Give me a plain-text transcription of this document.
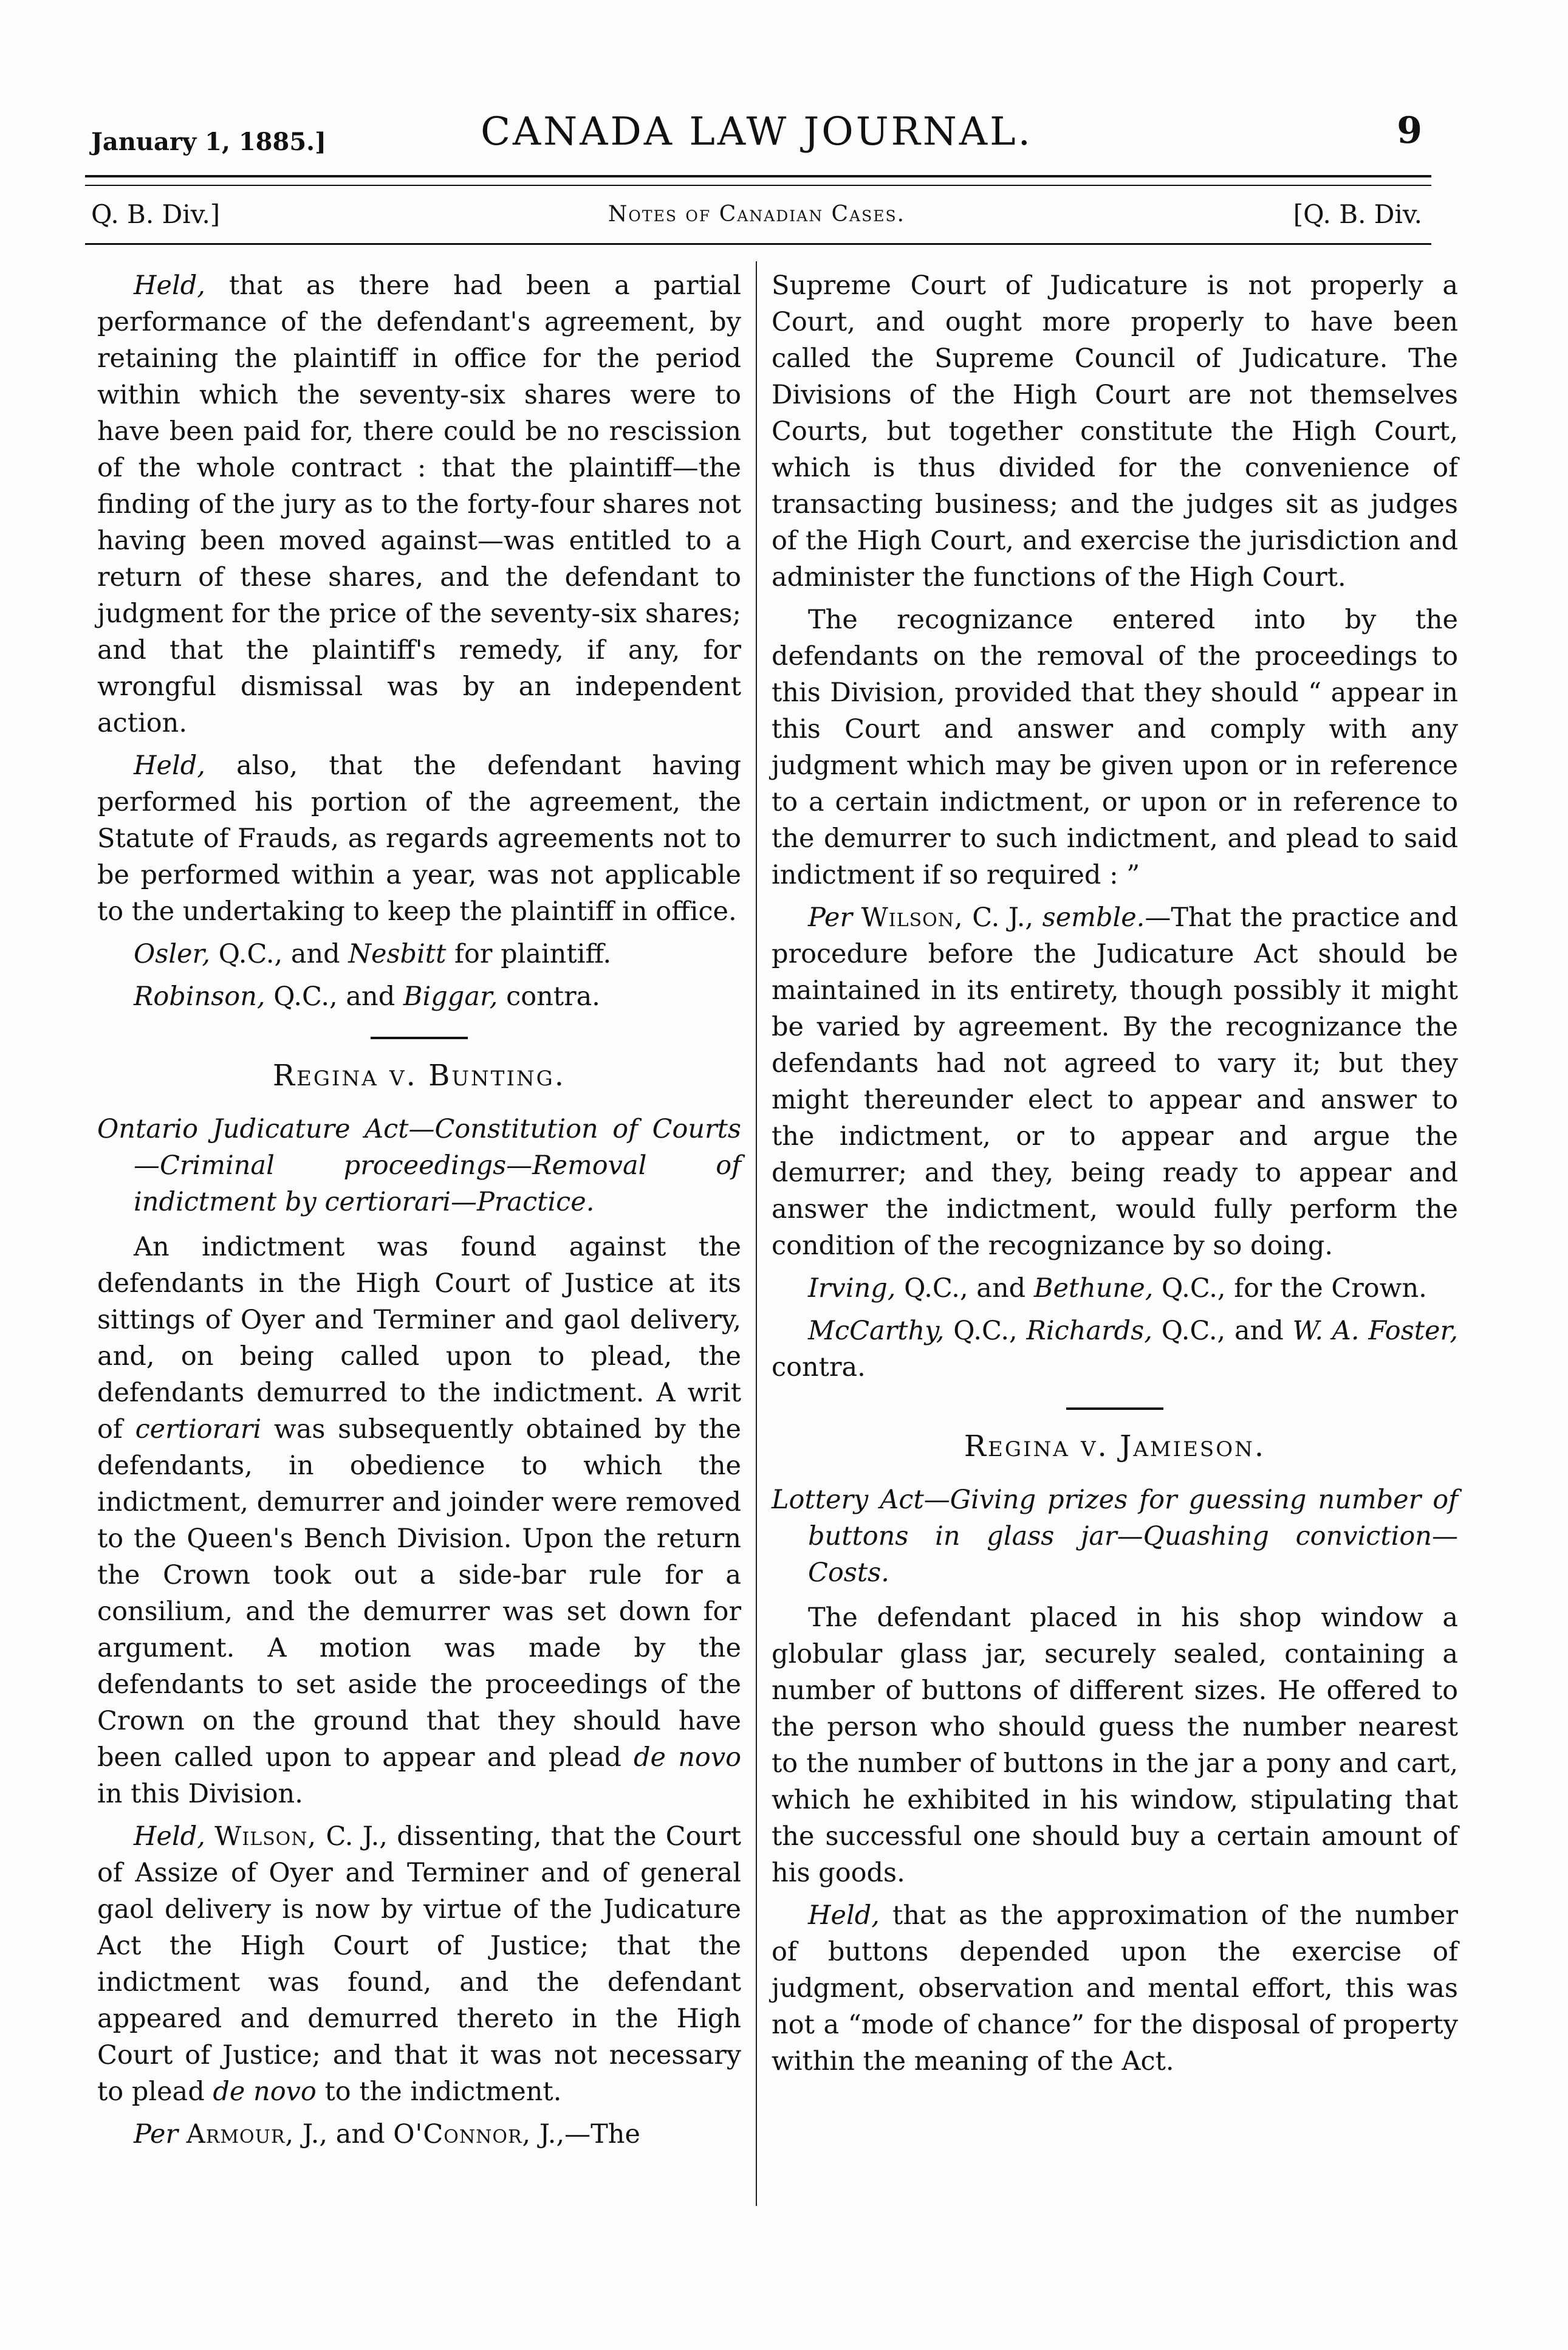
January 1, 1885.]	CANADA LAW JOURNAL.	9
Q. B. Div.]	Notes of Canadian Cases.	[Q. B. Div.

Held, that as there had been a partial performance of the defendant's agreement, by retaining the plaintiff in office for the period within which the seventy-six shares were to have been paid for, there could be no rescission of the whole contract : that the plaintiff—the finding of the jury as to the forty-four shares not having been moved against—was entitled to a return of these shares, and the defendant to judgment for the price of the seventy-six shares; and that the plaintiff's remedy, if any, for wrongful dismissal was by an independent action.

Held, also, that the defendant having performed his portion of the agreement, the Statute of Frauds, as regards agreements not to be performed within a year, was not applicable to the undertaking to keep the plaintiff in office.

Osler, Q.C., and Nesbitt for plaintiff.

Robinson, Q.C., and Biggar, contra.

Regina v. Bunting.
Ontario Judicature Act—Constitution of Courts—Criminal proceedings—Removal of indictment by certiorari—Practice.

An indictment was found against the defendants in the High Court of Justice at its sittings of Oyer and Terminer and gaol delivery, and, on being called upon to plead, the defendants demurred to the indictment. A writ of certiorari was subsequently obtained by the defendants, in obedience to which the indictment, demurrer and joinder were removed to the Queen's Bench Division. Upon the return the Crown took out a side-bar rule for a consilium, and the demurrer was set down for argument. A motion was made by the defendants to set aside the proceedings of the Crown on the ground that they should have been called upon to appear and plead de novo in this Division.

Held, Wilson, C. J., dissenting, that the Court of Assize of Oyer and Terminer and of general gaol delivery is now by virtue of the Judicature Act the High Court of Justice; that the indictment was found, and the defendant appeared and demurred thereto in the High Court of Justice; and that it was not necessary to plead de novo to the indictment.

Per Armour, J., and O'Connor, J.,—The

Supreme Court of Judicature is not properly a Court, and ought more properly to have been called the Supreme Council of Judicature. The Divisions of the High Court are not themselves Courts, but together constitute the High Court, which is thus divided for the convenience of transacting business; and the judges sit as judges of the High Court, and exercise the jurisdiction and administer the functions of the High Court.

The recognizance entered into by the defendants on the removal of the proceedings to this Division, provided that they should “ appear in this Court and answer and comply with any judgment which may be given upon or in reference to a certain indictment, or upon or in reference to the demurrer to such indictment, and plead to said indictment if so required : ”

Per Wilson, C. J., semble.—That the practice and procedure before the Judicature Act should be maintained in its entirety, though possibly it might be varied by agreement. By the recognizance the defendants had not agreed to vary it; but they might thereunder elect to appear and answer to the indictment, or to appear and argue the demurrer; and they, being ready to appear and answer the indictment, would fully perform the condition of the recognizance by so doing.

Irving, Q.C., and Bethune, Q.C., for the Crown.

McCarthy, Q.C., Richards, Q.C., and W. A. Foster, contra.

Regina v. Jamieson.
Lottery Act—Giving prizes for guessing number of buttons in glass jar—Quashing conviction—Costs.

The defendant placed in his shop window a globular glass jar, securely sealed, containing a number of buttons of different sizes. He offered to the person who should guess the number nearest to the number of buttons in the jar a pony and cart, which he exhibited in his window, stipulating that the successful one should buy a certain amount of his goods.

Held, that as the approximation of the number of buttons depended upon the exercise of judgment, observation and mental effort, this was not a “mode of chance” for the disposal of property within the meaning of the Act.
